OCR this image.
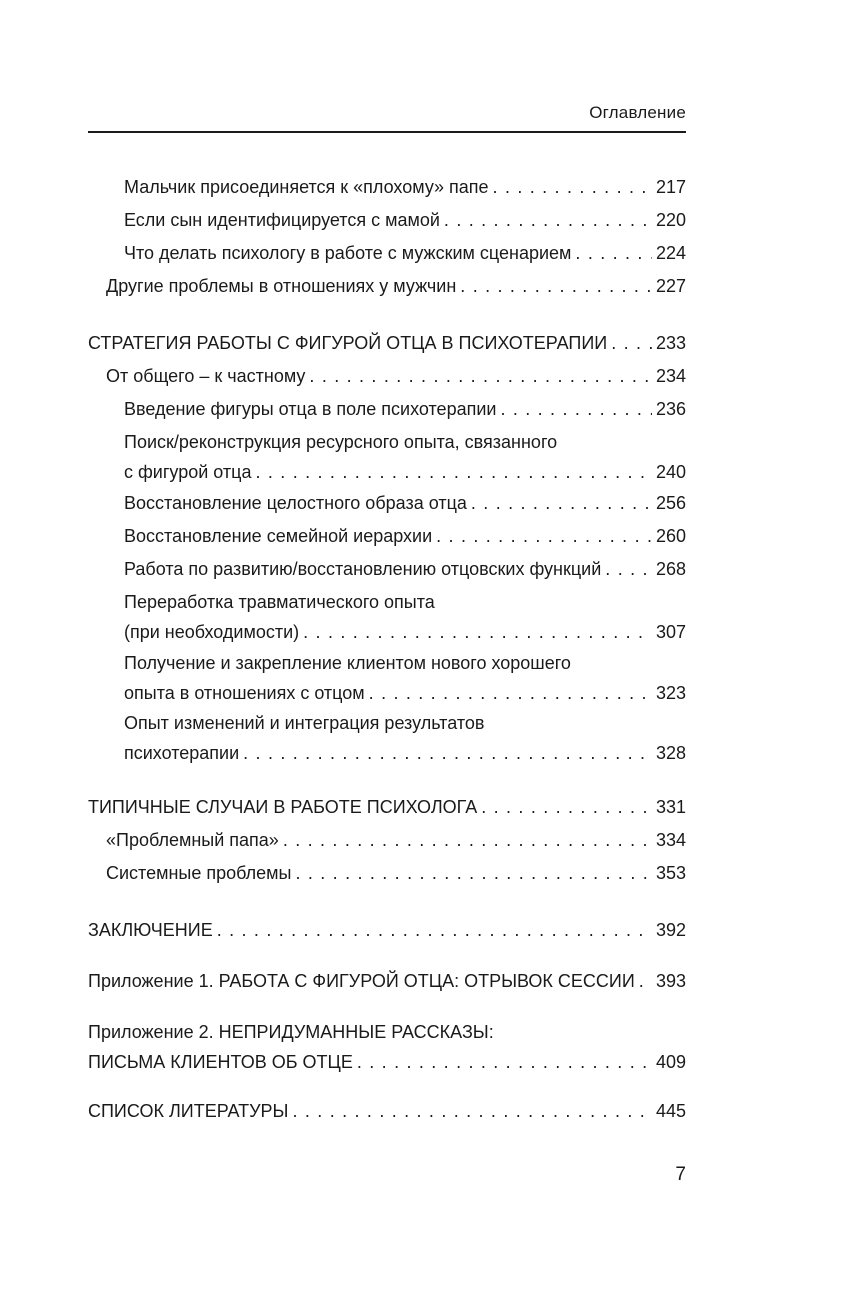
Оглавление
Мальчик присоединяется к «плохому» папе . . .	217
Если сын идентифицируется с мамой . . .	220
Что делать психологу в работе с мужским сценарием . . .	224
Другие проблемы в отношениях у мужчин . . .	227
СТРАТЕГИЯ РАБОТЫ С ФИГУРОЙ ОТЦА В ПСИХОТЕРАПИИ . . .	233
От общего – к частному . . .	234
Введение фигуры отца в поле психотерапии . . .	236
Поиск/реконструкция ресурсного опыта, связанного
с фигурой отца . . .	240
Восстановление целостного образа отца . . .	256
Восстановление семейной иерархии . . .	260
Работа по развитию/восстановлению отцовских функций . . .	268
Переработка травматического опыта
(при необходимости) . . .	307
Получение и закрепление клиентом нового хорошего
опыта в отношениях с отцом . . .	323
Опыт изменений и интеграция результатов
психотерапии . . .	328
ТИПИЧНЫЕ СЛУЧАИ В РАБОТЕ ПСИХОЛОГА . . .	331
«Проблемный папа» . . .	334
Системные проблемы . . .	353
ЗАКЛЮЧЕНИЕ . . .	392
Приложение 1. РАБОТА С ФИГУРОЙ ОТЦА: ОТРЫВОК СЕССИИ . . . 393
Приложение 2. НЕПРИДУМАННЫЕ РАССКАЗЫ:
ПИСЬМА КЛИЕНТОВ ОБ ОТЦЕ . . .	409
СПИСОК ЛИТЕРАТУРЫ . . .	445
7
